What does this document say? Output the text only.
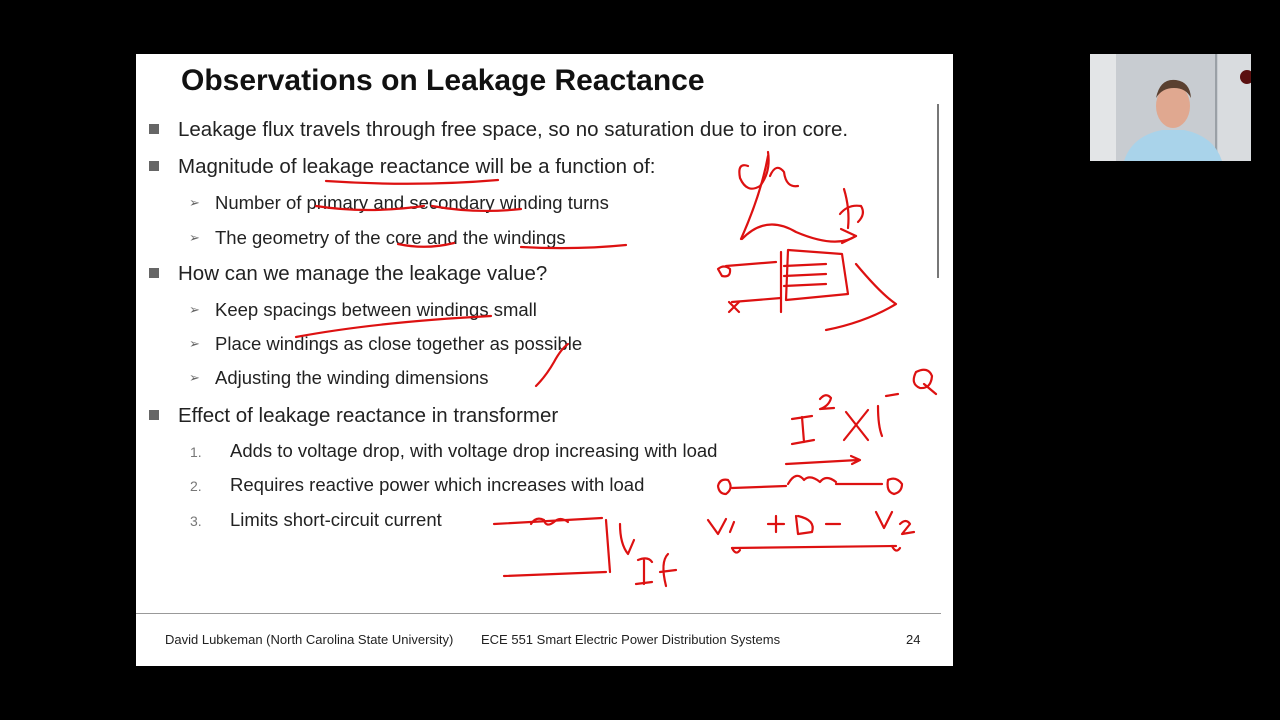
Observations on Leakage Reactance
Leakage flux travels through free space, so no saturation due to iron core.
Magnitude of leakage reactance will be a function of:
➢ Number of primary and secondary winding turns
➢ The geometry of the core and the windings
How can we manage the leakage value?
➢ Keep spacings between windings small
➢ Place windings as close together as possible
➢ Adjusting the winding dimensions
Effect of leakage reactance in transformer
1. Adds to voltage drop, with voltage drop increasing with load
2. Requires reactive power which increases with load
3. Limits short-circuit current
David Lubkeman (North Carolina State University) ECE 551 Smart Electric Power Distribution Systems	24
